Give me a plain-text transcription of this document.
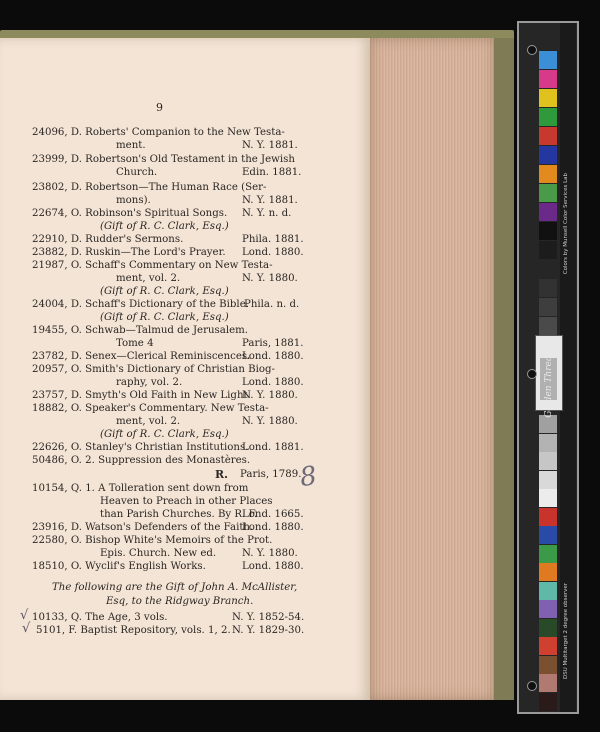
9
24096, D. Roberts' Companion to the New Testa-
ment.	N. Y. 1881.
23999, D. Robertson's Old Testament in the Jewish
Church.	Edin. 1881.
23802, D. Robertson—The Human Race (Ser-
mons).	N. Y. 1881.
22674, O. Robinson's Spiritual Songs. N. Y. n. d.
(Gift of R. C. Clark, Esq.)
22910, D. Rudder's Sermons.	Phila. 1881.
23882, D. Ruskin—The Lord's Prayer. Lond. 1880.
21987, O. Schaff's Commentary on New Testa-
ment, vol. 2.	N. Y. 1880.
(Gift of R. C. Clark, Esq.)
24004, D. Schaff's Dictionary of the Bible.
Phila. n. d.
(Gift of R. C. Clark, Esq.)
19455, O. Schwab—Talmud de Jerusalem.
Tome 4	Paris, 1881.
23782, D. Senex—Clerical Reminiscences.
Lond. 1880.
20957, O. Smith's Dictionary of Christian Biog-
raphy, vol. 2.	Lond. 1880.
23757, D. Smyth's Old Faith in New Light.
N. Y. 1880.
18882, O. Speaker's Commentary. New Testa-
ment, vol. 2.	N. Y. 1880.
(Gift of R. C. Clark, Esq.)
22626, O. Stanley's Christian Institutions.
Lond. 1881.
50486, O. 2. Suppression des Monastères.
R. Paris, 1789.
10154, Q. 1. A Tolleration sent down from
Heaven to Preach in other Places
than Parish Churches. By R. F.
Lond. 1665.
23916, D. Watson's Defenders of the Faith.
Lond. 1880.
22580, O. Bishop White's Memoirs of the Prot.
Epis. Church. New ed.	N. Y. 1880.
18510, O. Wyclif's English Works.	Lond. 1880.
The following are the Gift of John A. McAllister,
Esq, to the Ridgway Branch.
10133, Q. The Age, 3 vols.	N. Y. 1852-54.
5101, F. Baptist Repository, vols. 1, 2. N. Y. 1829-30.
8
√
√
Colors by Munsell Color Services Lab
DSU Multitarget 2 degree observer
Golden Thread
